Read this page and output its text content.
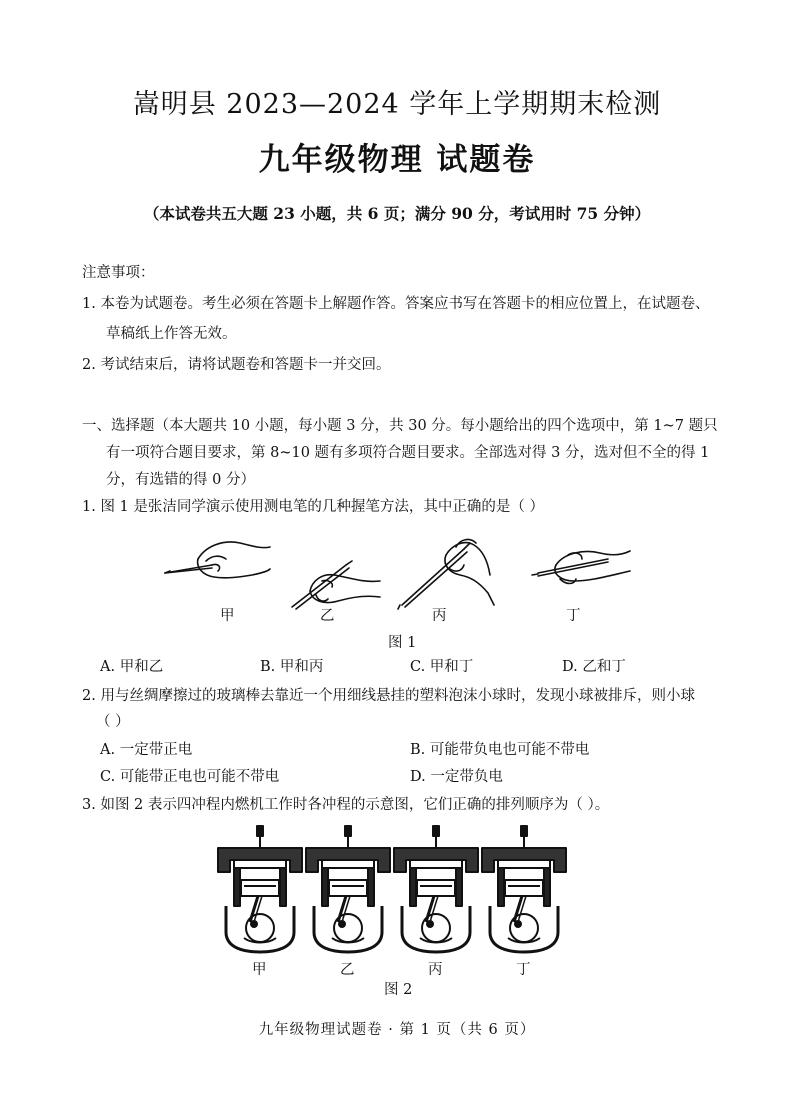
嵩明县 2023—2024 学年上学期期末检测
九年级物理 试题卷
（本试卷共五大题 23 小题，共 6 页；满分 90 分，考试用时 75 分钟）
注意事项：
1. 本卷为试题卷。考生必须在答题卡上解题作答。答案应书写在答题卡的相应位置上，在试题卷、
草稿纸上作答无效。
2. 考试结束后，请将试题卷和答题卡一并交回。
一、选择题（本大题共 10 小题，每小题 3 分，共 30 分。每小题给出的四个选项中，第 1~7 题只
有一项符合题目要求，第 8~10 题有多项符合题目要求。全部选对得 3 分，选对但不全的得 1
分，有选错的得 0 分）
1. 图 1 是张洁同学演示使用测电笔的几种握笔方法，其中正确的是（ ）
甲	乙	丙	丁
图 1
A. 甲和乙	B. 甲和丙	C. 甲和丁	D. 乙和丁
2. 用与丝绸摩擦过的玻璃棒去靠近一个用细线悬挂的塑料泡沫小球时，发现小球被排斥，则小球
（ ）
A. 一定带正电	B. 可能带负电也可能不带电
C. 可能带正电也可能不带电	D. 一定带负电
3. 如图 2 表示四冲程内燃机工作时各冲程的示意图，它们正确的排列顺序为（ ）。
甲	乙	丙	丁
图 2
九年级物理试题卷 · 第 1 页（共 6 页）
